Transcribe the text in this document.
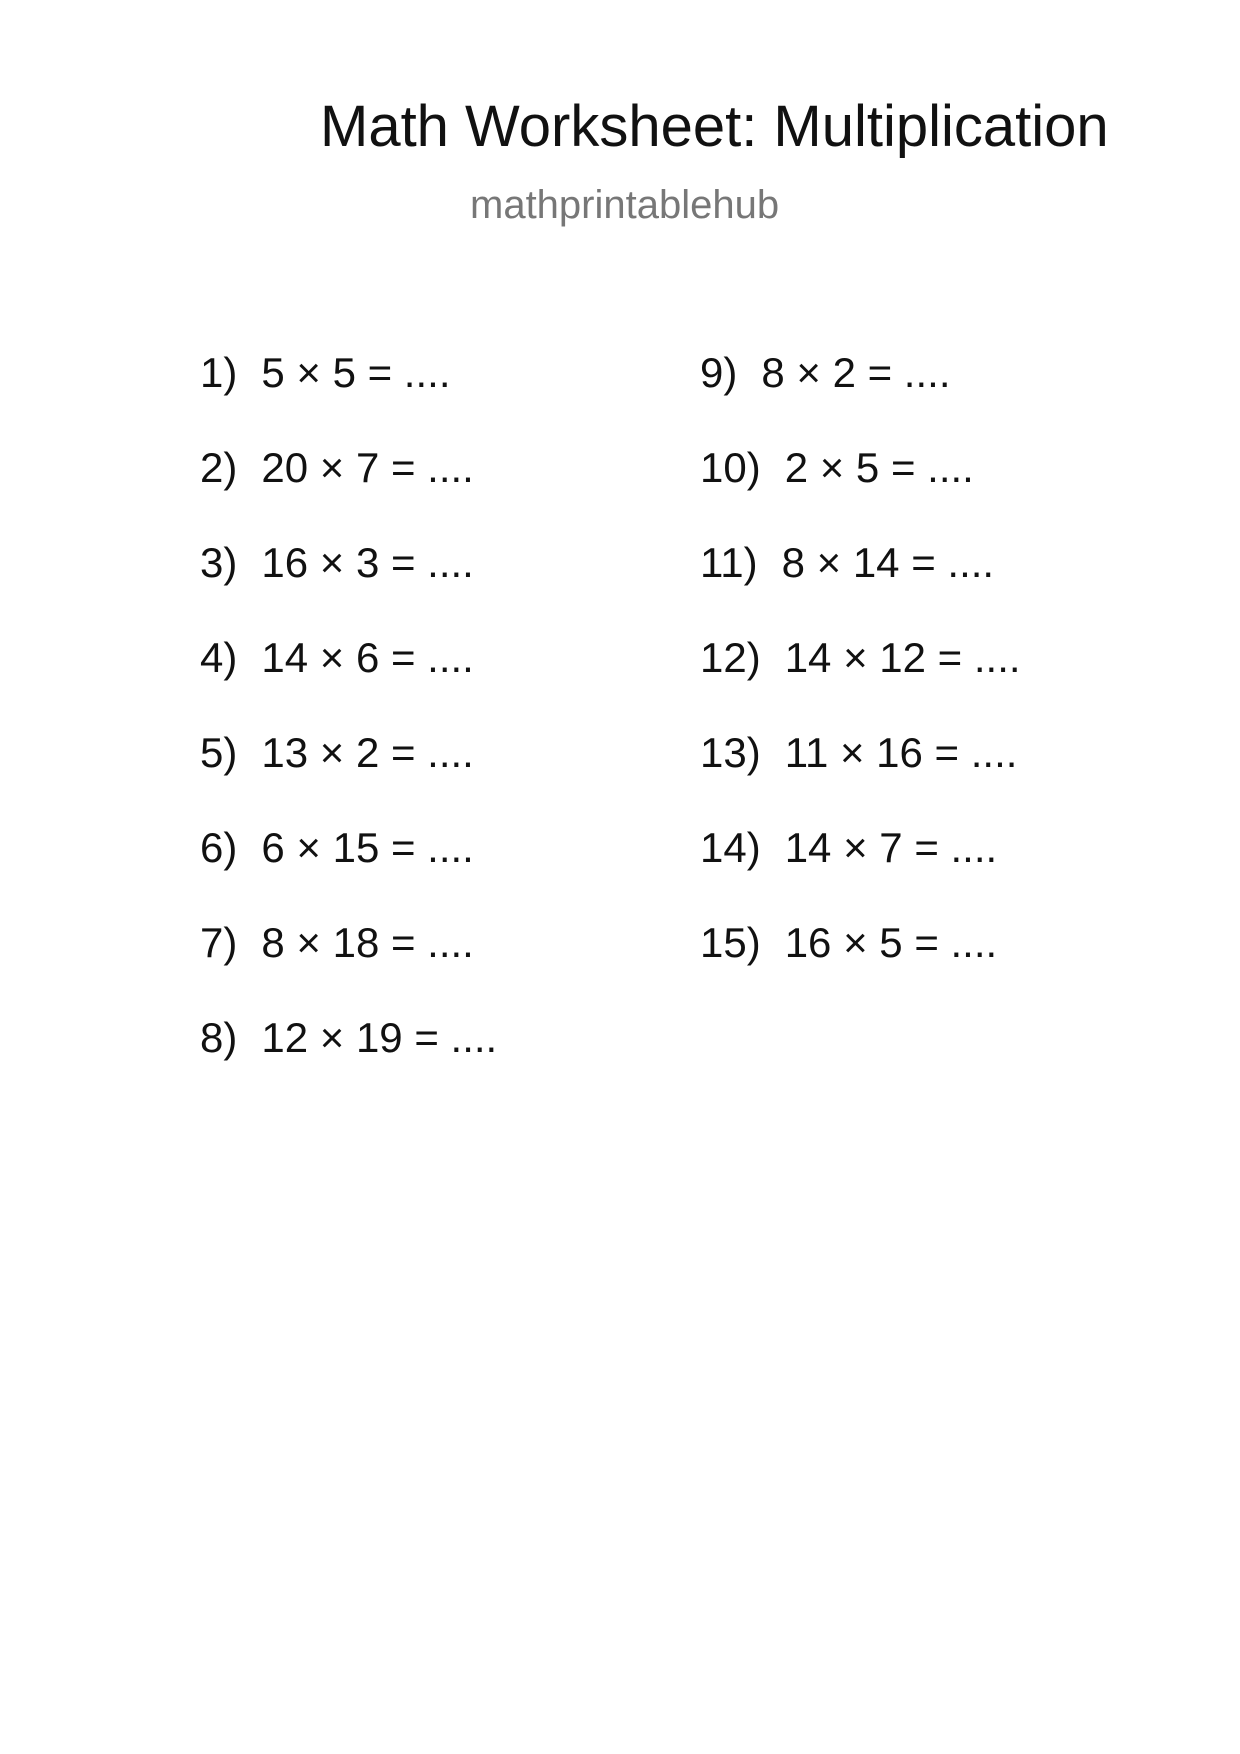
Math Worksheet: Multiplication
mathprintablehub
1) 5 × 5 = ....
2) 20 × 7 = ....
3) 16 × 3 = ....
4) 14 × 6 = ....
5) 13 × 2 = ....
6) 6 × 15 = ....
7) 8 × 18 = ....
8) 12 × 19 = ....
9) 8 × 2 = ....
10) 2 × 5 = ....
11) 8 × 14 = ....
12) 14 × 12 = ....
13) 11 × 16 = ....
14) 14 × 7 = ....
15) 16 × 5 = ....
